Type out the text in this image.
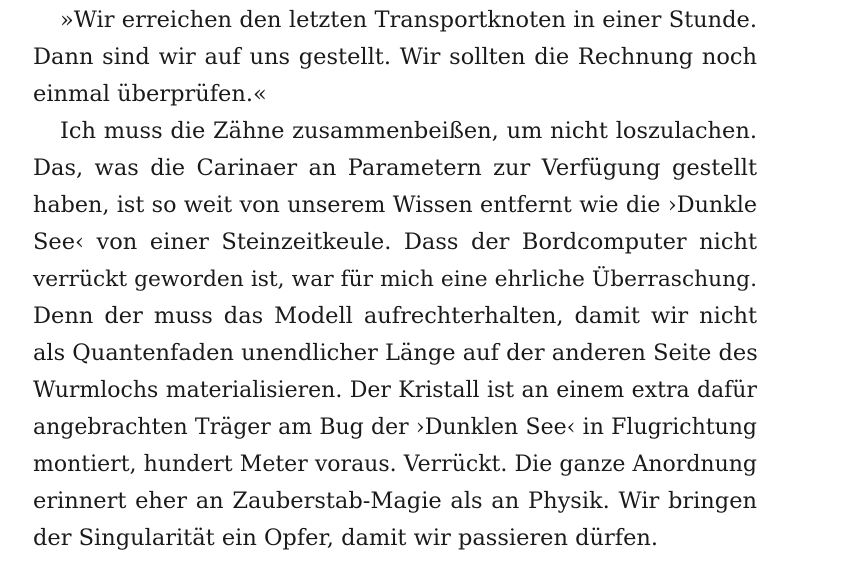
»Wir erreichen den letzten Transportknoten in einer Stunde.
Dann sind wir auf uns gestellt. Wir sollten die Rechnung noch
einmal überprüfen.«
Ich muss die Zähne zusammenbeißen, um nicht loszulachen.
Das, was die Carinaer an Parametern zur Verfügung gestellt
haben, ist so weit von unserem Wissen entfernt wie die ›Dunkle
See‹ von einer Steinzeitkeule. Dass der Bordcomputer nicht
verrückt geworden ist, war für mich eine ehrliche Überraschung.
Denn der muss das Modell aufrechterhalten, damit wir nicht
als Quantenfaden unendlicher Länge auf der anderen Seite des
Wurmlochs materialisieren. Der Kristall ist an einem extra dafür
angebrachten Träger am Bug der ›Dunklen See‹ in Flugrichtung
montiert, hundert Meter voraus. Verrückt. Die ganze Anordnung
erinnert eher an Zauberstab-Magie als an Physik. Wir bringen
der Singularität ein Opfer, damit wir passieren dürfen.
